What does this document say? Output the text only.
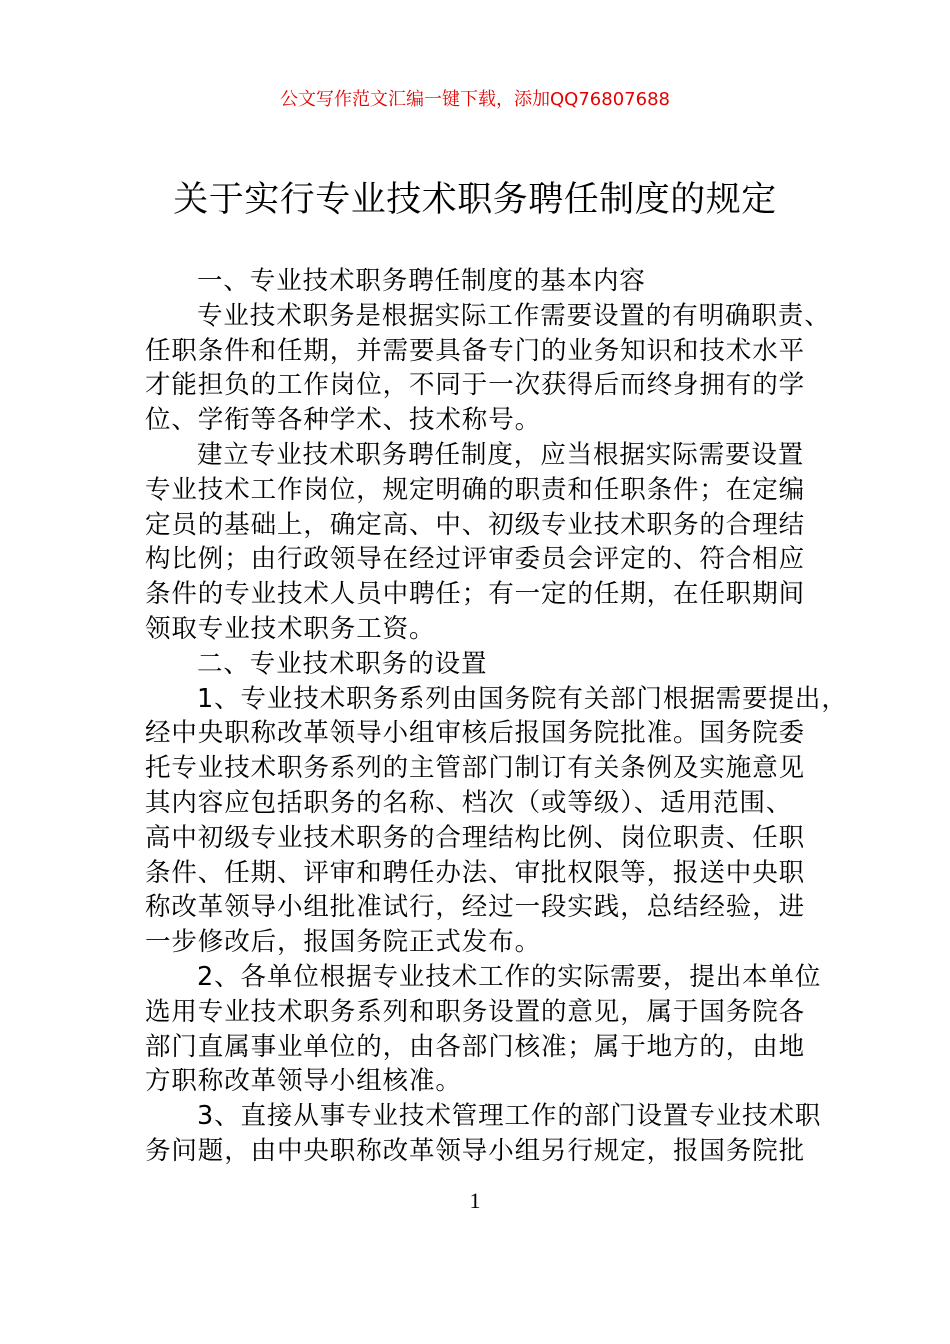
公文写作范文汇编一键下载，添加QQ76807688
关于实行专业技术职务聘任制度的规定
一、专业技术职务聘任制度的基本内容
专业技术职务是根据实际工作需要设置的有明确职责、
任职条件和任期，并需要具备专门的业务知识和技术水平
才能担负的工作岗位，不同于一次获得后而终身拥有的学
位、学衔等各种学术、技术称号。
建立专业技术职务聘任制度，应当根据实际需要设置
专业技术工作岗位，规定明确的职责和任职条件；在定编
定员的基础上，确定高、中、初级专业技术职务的合理结
构比例；由行政领导在经过评审委员会评定的、符合相应
条件的专业技术人员中聘任；有一定的任期，在任职期间
领取专业技术职务工资。
二、专业技术职务的设置
1、专业技术职务系列由国务院有关部门根据需要提出，
经中央职称改革领导小组审核后报国务院批准。国务院委
托专业技术职务系列的主管部门制订有关条例及实施意见
其内容应包括职务的名称、档次（或等级）、适用范围、
高中初级专业技术职务的合理结构比例、岗位职责、任职
条件、任期、评审和聘任办法、审批权限等，报送中央职
称改革领导小组批准试行，经过一段实践，总结经验，进
一步修改后，报国务院正式发布。
2、各单位根据专业技术工作的实际需要，提出本单位
选用专业技术职务系列和职务设置的意见，属于国务院各
部门直属事业单位的，由各部门核准；属于地方的，由地
方职称改革领导小组核准。
3、直接从事专业技术管理工作的部门设置专业技术职
务问题，由中央职称改革领导小组另行规定，报国务院批
1
